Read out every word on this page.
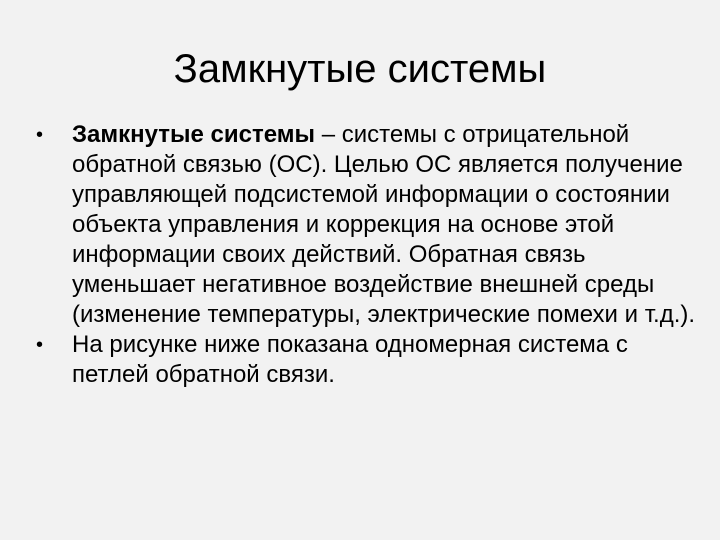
Замкнутые системы
•	Замкнутые системы – системы с отрицательной обратной связью (ОС). Целью ОС является получение управляющей подсистемой информации о состоянии объекта управления и коррекция на основе этой информации своих действий. Обратная связь уменьшает негативное воздействие внешней среды (изменение температуры, электрические помехи и т.д.).
•	На рисунке ниже показана одномерная система с петлей обратной связи.
